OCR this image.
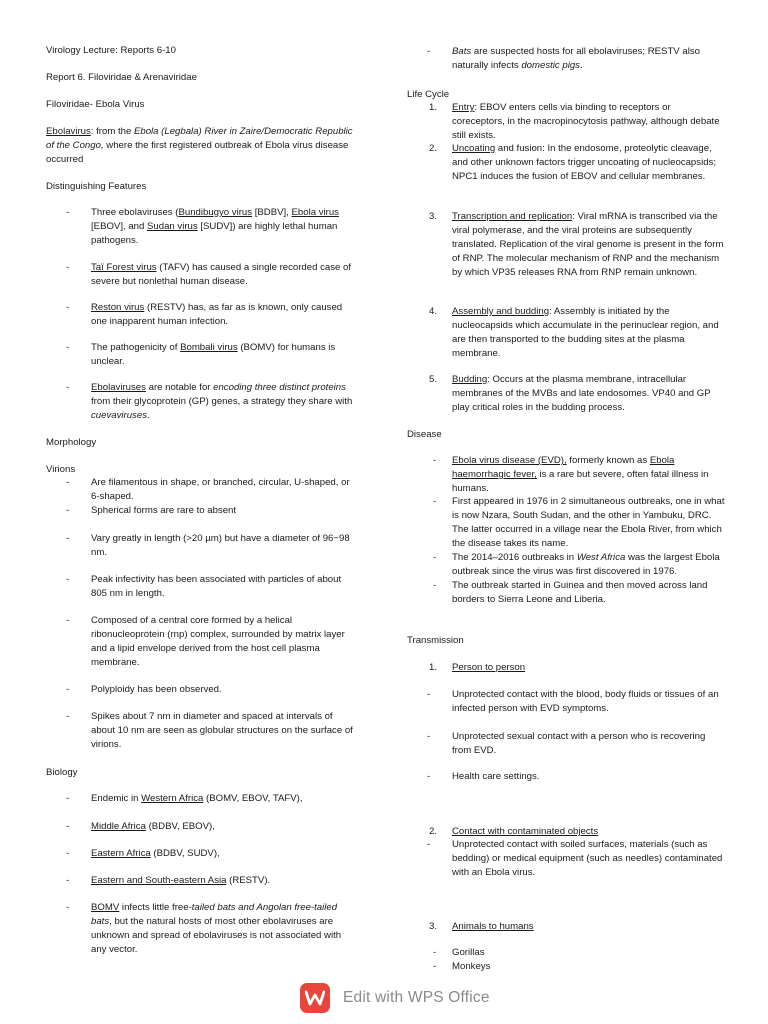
Virology Lecture: Reports 6-10
Report 6. Filoviridae & Arenaviridae
Filoviridae- Ebola Virus
Ebolavirus: from the Ebola (Legbala) River in Zaire/Democratic Republic of the Congo, where the first registered outbreak of Ebola virus disease occurred
Distinguishing Features
-	Three ebolaviruses (Bundibugyo virus [BDBV], Ebola virus [EBOV], and Sudan virus [SUDV]) are highly lethal human pathogens.
-	Taï Forest virus (TAFV) has caused a single recorded case of severe but nonlethal human disease.
-	Reston virus (RESTV) has, as far as is known, only caused one inapparent human infection.
-	The pathogenicity of Bombali virus (BOMV) for humans is unclear.
-	Ebolaviruses are notable for encoding three distinct proteins from their glycoprotein (GP) genes, a strategy they share with cuevaviruses.
Morphology
Virions
-	Are filamentous in shape, or branched, circular, U-shaped, or 6-shaped.
-	Spherical forms are rare to absent
-	Vary greatly in length (>20 µm) but have a diameter of 96−98 nm.
-	Peak infectivity has been associated with particles of about 805 nm in length.
-	Composed of a central core formed by a helical ribonucleoprotein (rnp) complex, surrounded by matrix layer and a lipid envelope derived from the host cell plasma membrane.
-	Polyploidy has been observed.
-	Spikes about 7 nm in diameter and spaced at intervals of about 10 nm are seen as globular structures on the surface of virions.
Biology
-	Endemic in Western Africa (BOMV, EBOV, TAFV),
-	Middle Africa (BDBV, EBOV),
-	Eastern Africa (BDBV, SUDV),
-	Eastern and South-eastern Asia (RESTV).
-	BOMV infects little free-tailed bats and Angolan free-tailed bats, but the natural hosts of most other ebolaviruses are unknown and spread of ebolaviruses is not associated with any vector.
-	Bats are suspected hosts for all ebolaviruses; RESTV also naturally infects domestic pigs.
Life Cycle
1.	Entry: EBOV enters cells via binding to receptors or coreceptors, in the macropinocytosis pathway, although debate still exists.
2.	Uncoating and fusion: In the endosome, proteolytic cleavage, and other unknown factors trigger uncoating of nucleocapsids; NPC1 induces the fusion of EBOV and cellular membranes.
3.	Transcription and replication: Viral mRNA is transcribed via the viral polymerase, and the viral proteins are subsequently translated. Replication of the viral genome is present in the form of RNP. The molecular mechanism of RNP and the mechanism by which VP35 releases RNA from RNP remain unknown.
4.	Assembly and budding: Assembly is initiated by the nucleocapsids which accumulate in the perinuclear region, and are then transported to the budding sites at the plasma membrane.
5.	Budding: Occurs at the plasma membrane, intracellular membranes of the MVBs and late endosomes. VP40 and GP play critical roles in the budding process.
Disease
-	Ebola virus disease (EVD), formerly known as Ebola haemorrhagic fever, is a rare but severe, often fatal illness in humans.
-	First appeared in 1976 in 2 simultaneous outbreaks, one in what is now Nzara, South Sudan, and the other in Yambuku, DRC. The latter occurred in a village near the Ebola River, from which the disease takes its name.
-	The 2014–2016 outbreaks in West Africa was the largest Ebola outbreak since the virus was first discovered in 1976.
-	The outbreak started in Guinea and then moved across land borders to Sierra Leone and Liberia.
Transmission
1.	Person to person
-	Unprotected contact with the blood, body fluids or tissues of an infected person with EVD symptoms.
-	Unprotected sexual contact with a person who is recovering from EVD.
-	Health care settings.
2.	Contact with contaminated objects
-	Unprotected contact with soiled surfaces, materials (such as bedding) or medical equipment (such as needles) contaminated with an Ebola virus.
3.	Animals to humans
-	Gorillas
-	Monkeys
Edit with WPS Office
